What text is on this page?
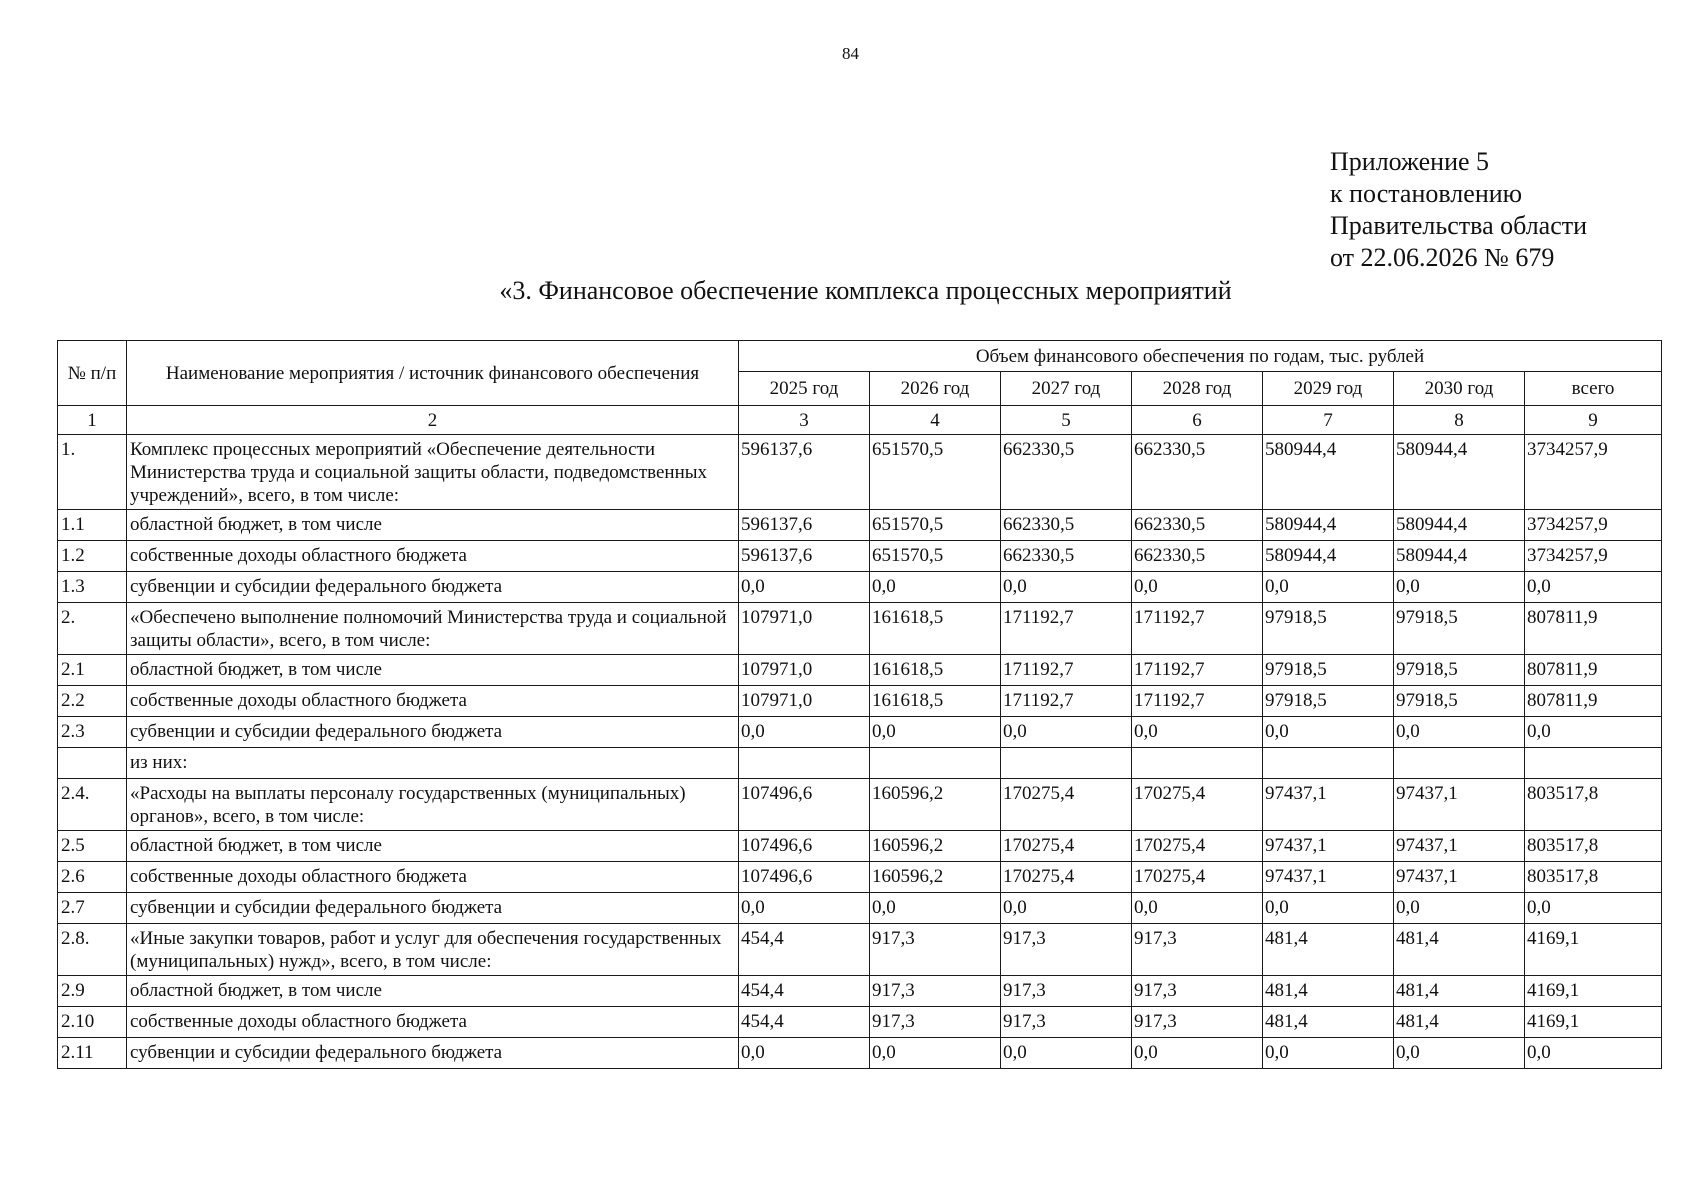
84
Приложение 5
к постановлению
Правительства области
от 22.06.2026 № 679
«3. Финансовое обеспечение комплекса процессных мероприятий
№ п/п	Наименование мероприятия / источник финансового обеспечения	Объем финансового обеспечения по годам, тыс. рублей						
		2025 год	2026 год	2027 год	2028 год	2029 год	2030 год	всего
1	2	3	4	5	6	7	8	9
1.	Комплекс процессных мероприятий «Обеспечение деятельности Министерства труда и социальной защиты области, подведомственных учреждений», всего, в том числе:	596137,6	651570,5	662330,5	662330,5	580944,4	580944,4	3734257,9
1.1	областной бюджет, в том числе	596137,6	651570,5	662330,5	662330,5	580944,4	580944,4	3734257,9
1.2	собственные доходы областного бюджета	596137,6	651570,5	662330,5	662330,5	580944,4	580944,4	3734257,9
1.3	субвенции и субсидии федерального бюджета	0,0	0,0	0,0	0,0	0,0	0,0	0,0
2.	«Обеспечено выполнение полномочий Министерства труда и социальной защиты области», всего, в том числе:	107971,0	161618,5	171192,7	171192,7	97918,5	97918,5	807811,9
2.1	областной бюджет, в том числе	107971,0	161618,5	171192,7	171192,7	97918,5	97918,5	807811,9
2.2	собственные доходы областного бюджета	107971,0	161618,5	171192,7	171192,7	97918,5	97918,5	807811,9
2.3	субвенции и субсидии федерального бюджета	0,0	0,0	0,0	0,0	0,0	0,0	0,0
	из них:							
2.4.	«Расходы на выплаты персоналу государственных (муниципальных) органов», всего, в том числе:	107496,6	160596,2	170275,4	170275,4	97437,1	97437,1	803517,8
2.5	областной бюджет, в том числе	107496,6	160596,2	170275,4	170275,4	97437,1	97437,1	803517,8
2.6	собственные доходы областного бюджета	107496,6	160596,2	170275,4	170275,4	97437,1	97437,1	803517,8
2.7	субвенции и субсидии федерального бюджета	0,0	0,0	0,0	0,0	0,0	0,0	0,0
2.8.	«Иные закупки товаров, работ и услуг для обеспечения государственных (муниципальных) нужд», всего, в том числе:	454,4	917,3	917,3	917,3	481,4	481,4	4169,1
2.9	областной бюджет, в том числе	454,4	917,3	917,3	917,3	481,4	481,4	4169,1
2.10	собственные доходы областного бюджета	454,4	917,3	917,3	917,3	481,4	481,4	4169,1
2.11	субвенции и субсидии федерального бюджета	0,0	0,0	0,0	0,0	0,0	0,0	0,0
